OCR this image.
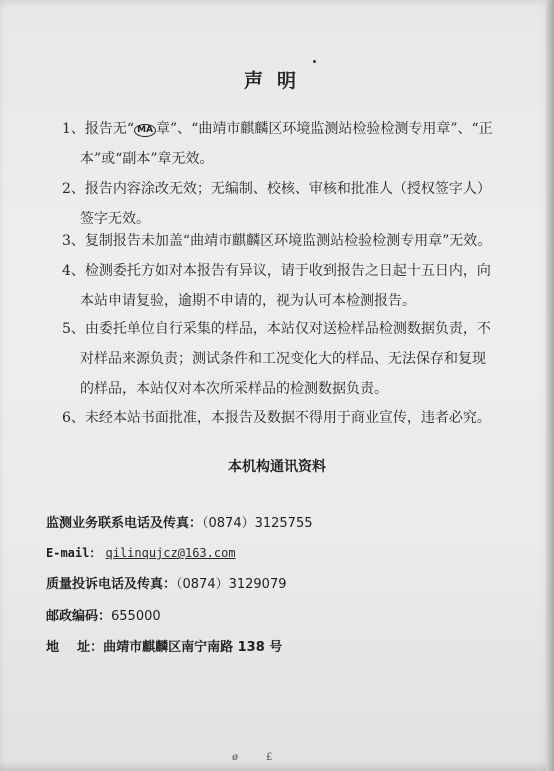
声明
1、报告无“ MA 章”、“曲靖市麒麟区环境监测站检验检测专用章”、“正
本”或“副本”章无效。
2、报告内容涂改无效；无编制、校核、审核和批准人（授权签字人）
签字无效。
3、复制报告未加盖“曲靖市麒麟区环境监测站检验检测专用章”无效。
4、检测委托方如对本报告有异议，请于收到报告之日起十五日内，向
本站申请复验，逾期不申请的，视为认可本检测报告。
5、由委托单位自行采集的样品，本站仅对送检样品检测数据负责，不
对样品来源负责；测试条件和工况变化大的样品、无法保存和复现
的样品，本站仅对本次所采样品的检测数据负责。
6、未经本站书面批准，本报告及数据不得用于商业宣传，违者必究。
本机构通讯资料
监测业务联系电话及传真：（0874）3125755
E-mail： qilinqujcz@163.com
质量投诉电话及传真：（0874）3129079
邮政编码：655000
地    址：曲靖市麒麟区南宁南路 138 号
ø	£
